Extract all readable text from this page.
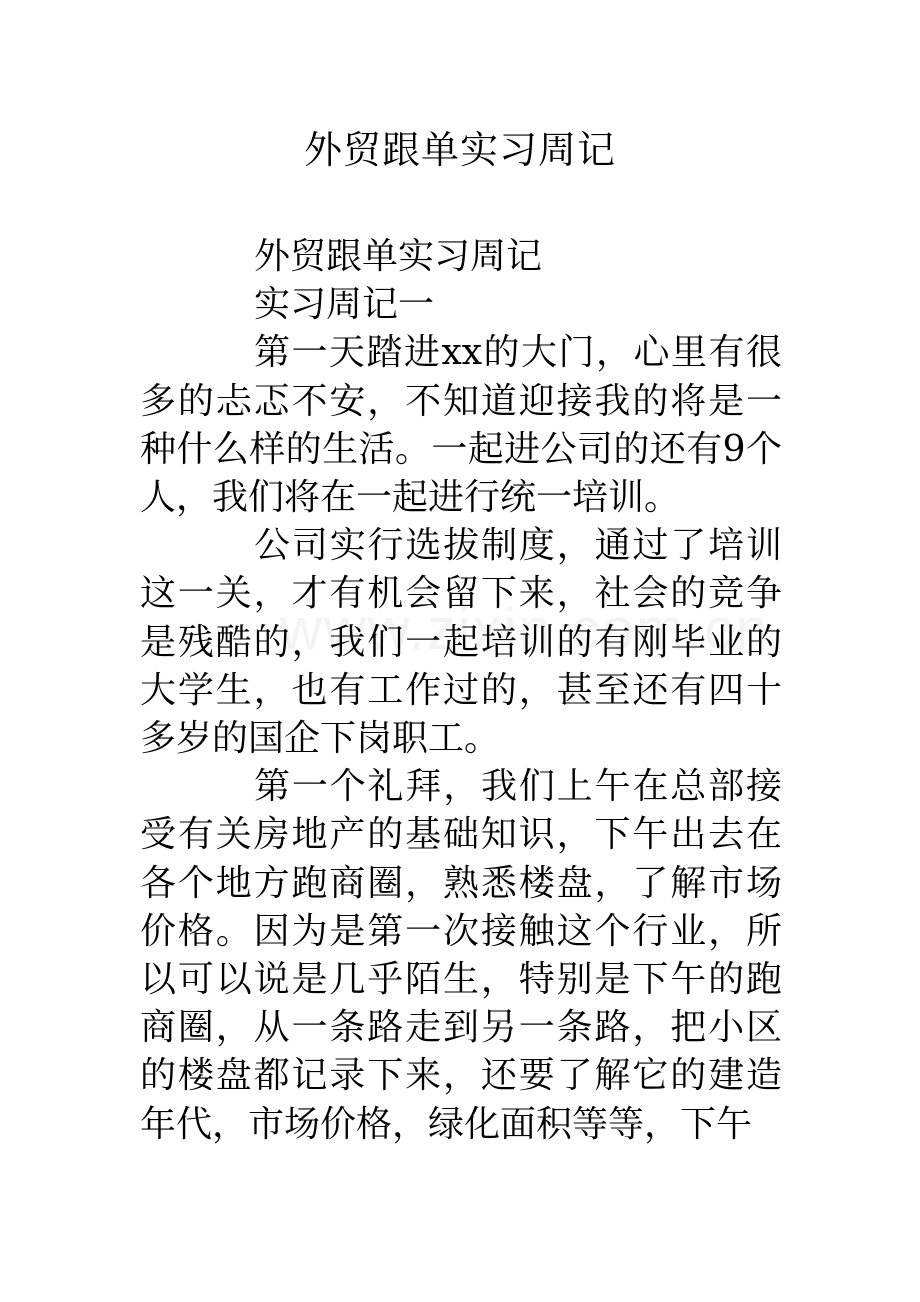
外贸跟单实习周记

外贸跟单实习周记

实习周记一

第一天踏进xx的大门，心里有很多的忐忑不安，不知道迎接我的将是一种什么样的生活。一起进公司的还有9个人，我们将在一起进行统一培训。

公司实行选拔制度，通过了培训这一关，才有机会留下来，社会的竞争是残酷的，我们一起培训的有刚毕业的大学生，也有工作过的，甚至还有四十多岁的国企下岗职工。

第一个礼拜，我们上午在总部接受有关房地产的基础知识，下午出去在各个地方跑商圈，熟悉楼盘，了解市场价格。因为是第一次接触这个行业，所以可以说是几乎陌生，特别是下午的跑商圈，从一条路走到另一条路，把小区的楼盘都记录下来，还要了解它的建造年代，市场价格，绿化面积等等，下午
